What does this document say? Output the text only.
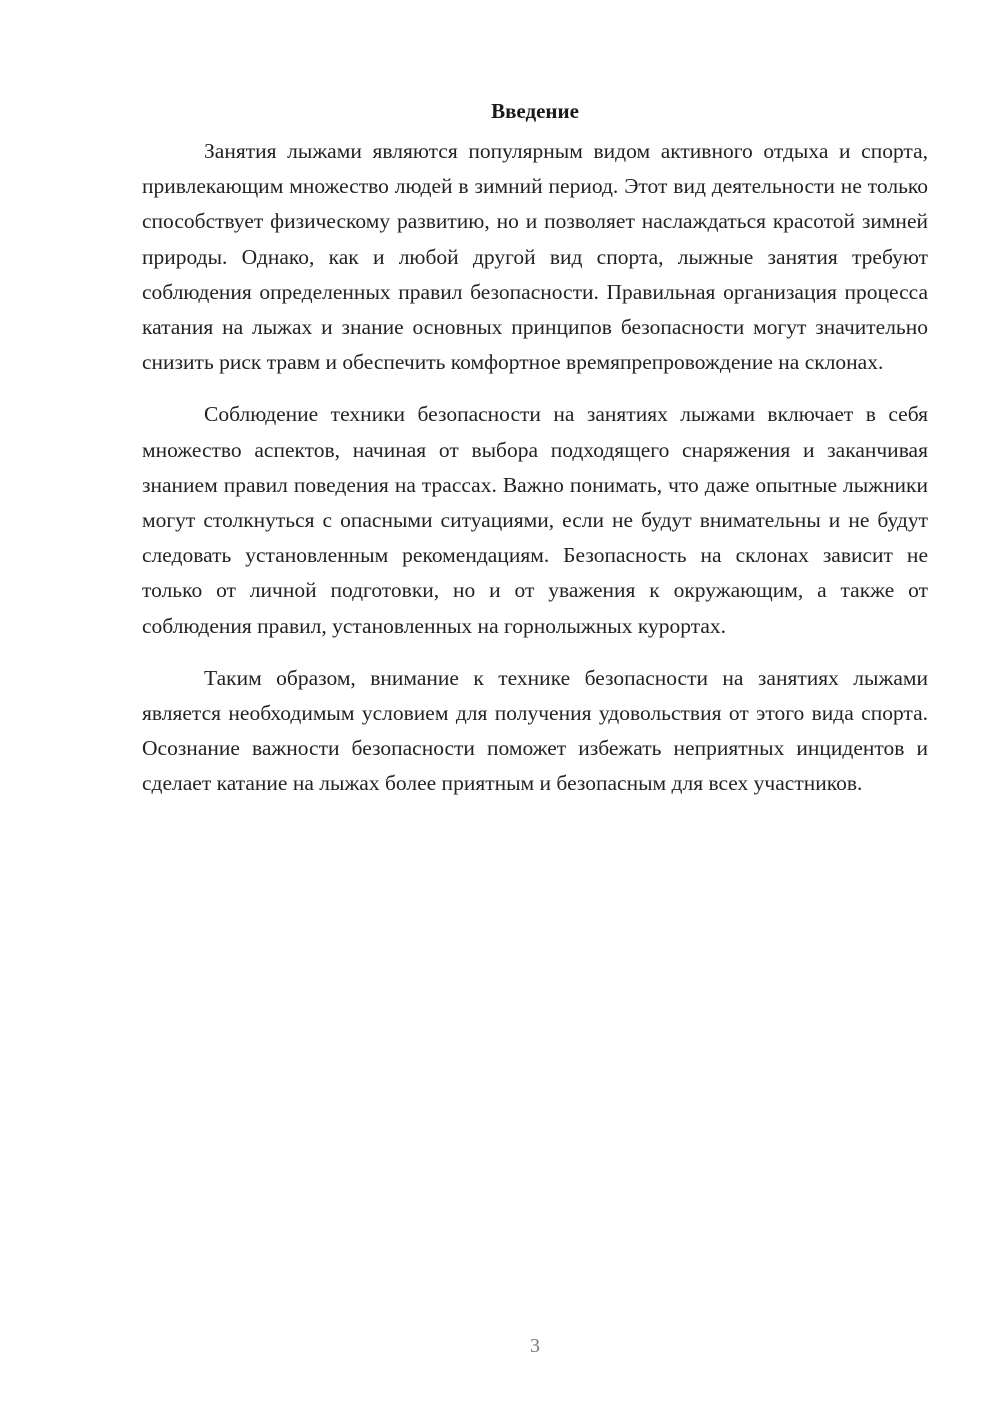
Введение

Занятия лыжами являются популярным видом активного отдыха и спорта, привлекающим множество людей в зимний период. Этот вид деятельности не только способствует физическому развитию, но и позволяет наслаждаться красотой зимней природы. Однако, как и любой другой вид спорта, лыжные занятия требуют соблюдения определенных правил безопасности. Правильная организация процесса катания на лыжах и знание основных принципов безопасности могут значительно снизить риск травм и обеспечить комфортное времяпрепровождение на склонах.

Соблюдение техники безопасности на занятиях лыжами включает в себя множество аспектов, начиная от выбора подходящего снаряжения и заканчивая знанием правил поведения на трассах. Важно понимать, что даже опытные лыжники могут столкнуться с опасными ситуациями, если не будут внимательны и не будут следовать установленным рекомендациям. Безопасность на склонах зависит не только от личной подготовки, но и от уважения к окружающим, а также от соблюдения правил, установленных на горнолыжных курортах.

Таким образом, внимание к технике безопасности на занятиях лыжами является необходимым условием для получения удовольствия от этого вида спорта. Осознание важности безопасности поможет избежать неприятных инцидентов и сделает катание на лыжах более приятным и безопасным для всех участников.

3
